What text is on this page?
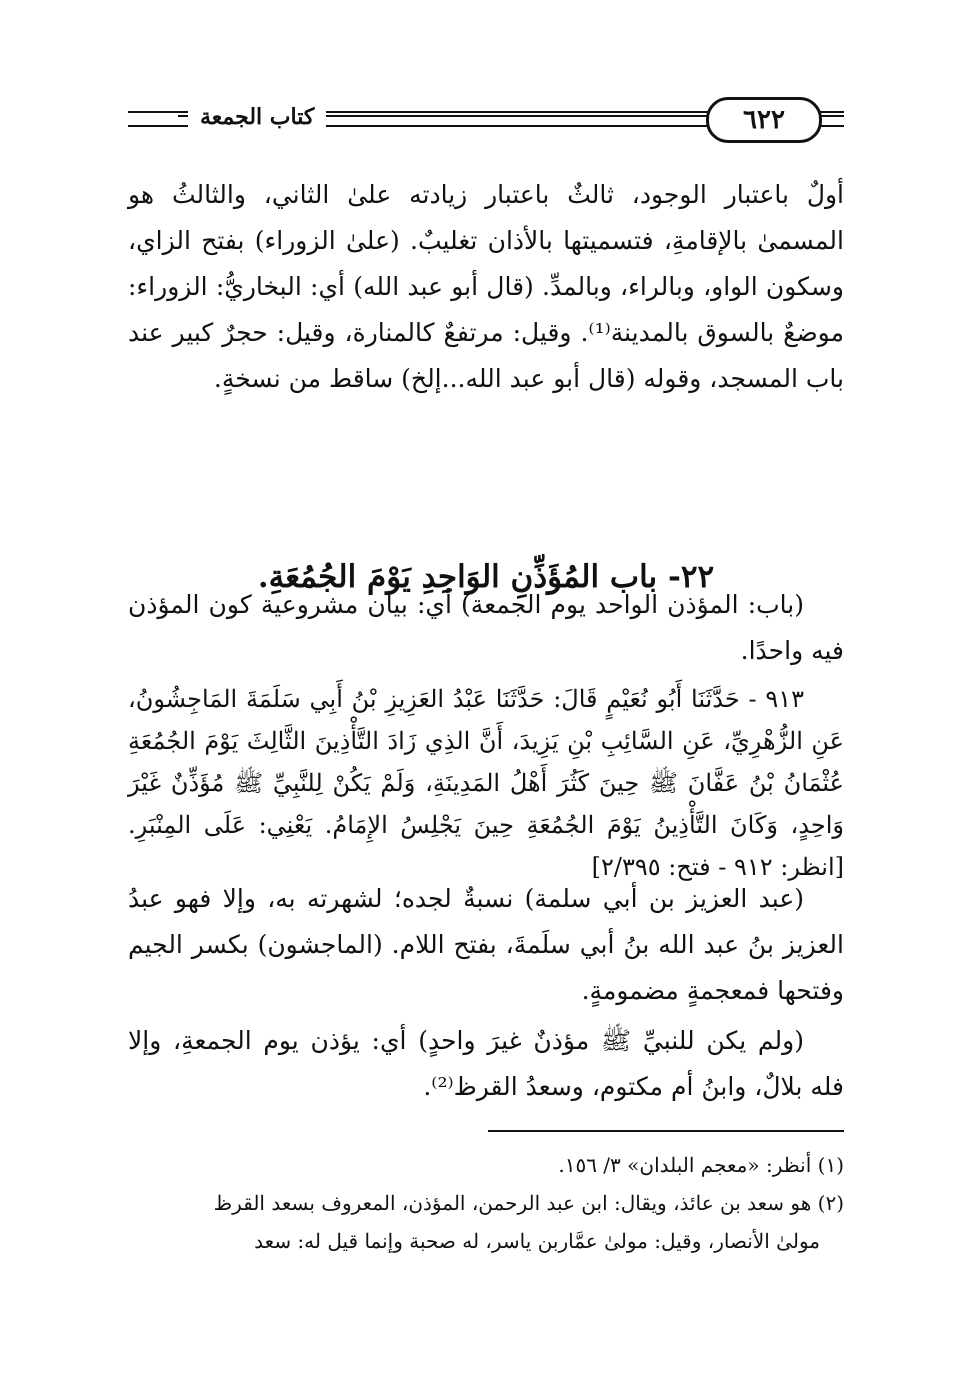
كتاب الجمعة	٦٢٢

أولٌ باعتبار الوجود، ثالثٌ باعتبار زيادته علىٰ الثاني، والثالثُ هو المسمىٰ بالإقامةِ، فتسميتها بالأذان تغليبٌ. (علىٰ الزوراء) بفتح الزاي، وسكون الواو، وبالراء، وبالمدِّ. (قال أبو عبد الله) أي: البخاريُّ: الزوراء: موضعٌ بالسوق بالمدينة⁽¹⁾. وقيل: مرتفعٌ كالمنارة، وقيل: حجرٌ كبير عند باب المسجد، وقوله (قال أبو عبد الله...إلخ) ساقط من نسخةٍ.

٢٢- باب المُؤَذِّنِ الوَاحِدِ يَوْمَ الجُمُعَةِ.

(باب: المؤذن الواحد يوم الجمعة) أي: بيان مشروعية كون المؤذن فيه واحدًا.

٩١٣ - حَدَّثَنَا أَبُو نُعَيْمٍ قَالَ: حَدَّثَنَا عَبْدُ العَزِيزِ بْنُ أَبِي سَلَمَةَ المَاجِشُونُ، عَنِ الزُّهْرِيِّ، عَنِ السَّائِبِ بْنِ يَزِيدَ، أَنَّ الذِي زَادَ التَّأْذِينَ الثَّالِثَ يَوْمَ الجُمُعَةِ عُثْمَانُ بْنُ عَفَّانَ ﷺ حِينَ كَثُرَ أَهْلُ المَدِينَةِ، وَلَمْ يَكُنْ لِلنَّبِيِّ ﷺ مُؤَذِّنٌ غَيْرَ وَاحِدٍ، وَكَانَ التَّأْذِينُ يَوْمَ الجُمُعَةِ حِينَ يَجْلِسُ الإِمَامُ. يَعْنِي: عَلَى المِنْبَرِ. [انظر: ٩١٢ - فتح: ٢/٣٩٥]

(عبد العزيز بن أبي سلمة) نسبةٌ لجده؛ لشهرته به، وإلا فهو عبدُ العزيز بنُ عبد الله بنُ أبي سلَمةَ، بفتح اللام. (الماجشون) بكسر الجيم وفتحها فمعجمةٍ مضمومةٍ.

(ولم يكن للنبيِّ ﷺ مؤذنٌ غيرَ واحدٍ) أي: يؤذن يوم الجمعةِ، وإلا فله بلالٌ، وابنُ أم مكتوم، وسعدُ القرظ⁽²⁾.

(١) أنظر: «معجم البلدان» ٣/ ١٥٦.

(٢) هو سعد بن عائذ، ويقال: ابن عبد الرحمن، المؤذن، المعروف بسعد القرظ

مولىٰ الأنصار، وقيل: مولىٰ عمَّاربن ياسر، له صحبة وإنما قيل له: سعد
